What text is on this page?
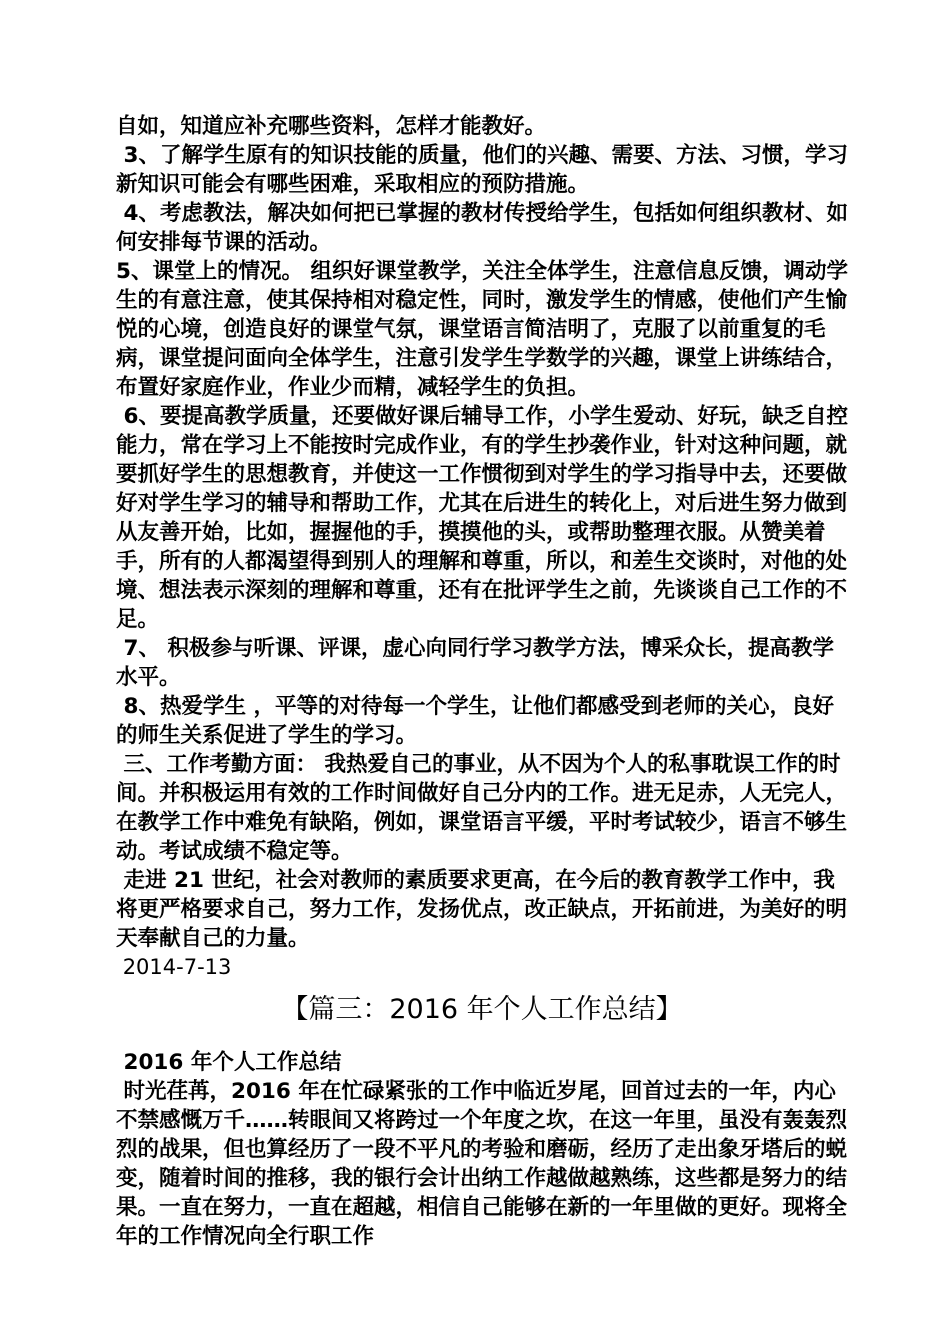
自如，知道应补充哪些资料，怎样才能教好。

3、了解学生原有的知识技能的质量，他们的兴趣、需要、方法、习惯，学习新知识可能会有哪些困难，采取相应的预防措施。

4、考虑教法，解决如何把已掌握的教材传授给学生，包括如何组织教材、如何安排每节课的活动。

5、课堂上的情况。 组织好课堂教学，关注全体学生，注意信息反馈，调动学生的有意注意，使其保持相对稳定性，同时，激发学生的情感，使他们产生愉悦的心境，创造良好的课堂气氛，课堂语言简洁明了，克服了以前重复的毛病，课堂提问面向全体学生，注意引发学生学数学的兴趣，课堂上讲练结合，布置好家庭作业，作业少而精，减轻学生的负担。

6、要提高教学质量，还要做好课后辅导工作，小学生爱动、好玩，缺乏自控能力，常在学习上不能按时完成作业，有的学生抄袭作业，针对这种问题，就要抓好学生的思想教育，并使这一工作惯彻到对学生的学习指导中去，还要做好对学生学习的辅导和帮助工作，尤其在后进生的转化上，对后进生努力做到从友善开始，比如，握握他的手，摸摸他的头，或帮助整理衣服。从赞美着手，所有的人都渴望得到别人的理解和尊重，所以，和差生交谈时，对他的处境、想法表示深刻的理解和尊重，还有在批评学生之前，先谈谈自己工作的不足。

7、 积极参与听课、评课，虚心向同行学习教学方法，博采众长，提高教学水平。

8、热爱学生 ，平等的对待每一个学生，让他们都感受到老师的关心，良好的师生关系促进了学生的学习。

三、工作考勤方面： 我热爱自己的事业，从不因为个人的私事耽误工作的时间。并积极运用有效的工作时间做好自己分内的工作。进无足赤，人无完人，在教学工作中难免有缺陷，例如，课堂语言平缓，平时考试较少，语言不够生动。考试成绩不稳定等。

走进 21 世纪，社会对教师的素质要求更高，在今后的教育教学工作中，我将更严格要求自己，努力工作，发扬优点，改正缺点，开拓前进，为美好的明天奉献自己的力量。

2014-7-13

【篇三：2016 年个人工作总结】

2016 年个人工作总结

时光荏苒，2016 年在忙碌紧张的工作中临近岁尾，回首过去的一年，内心不禁感慨万千……转眼间又将跨过一个年度之坎，在这一年里，虽没有轰轰烈烈的战果，但也算经历了一段不平凡的考验和磨砺，经历了走出象牙塔后的蜕变，随着时间的推移，我的银行会计出纳工作越做越熟练，这些都是努力的结果。一直在努力，一直在超越，相信自己能够在新的一年里做的更好。现将全年的工作情况向全行职工作
